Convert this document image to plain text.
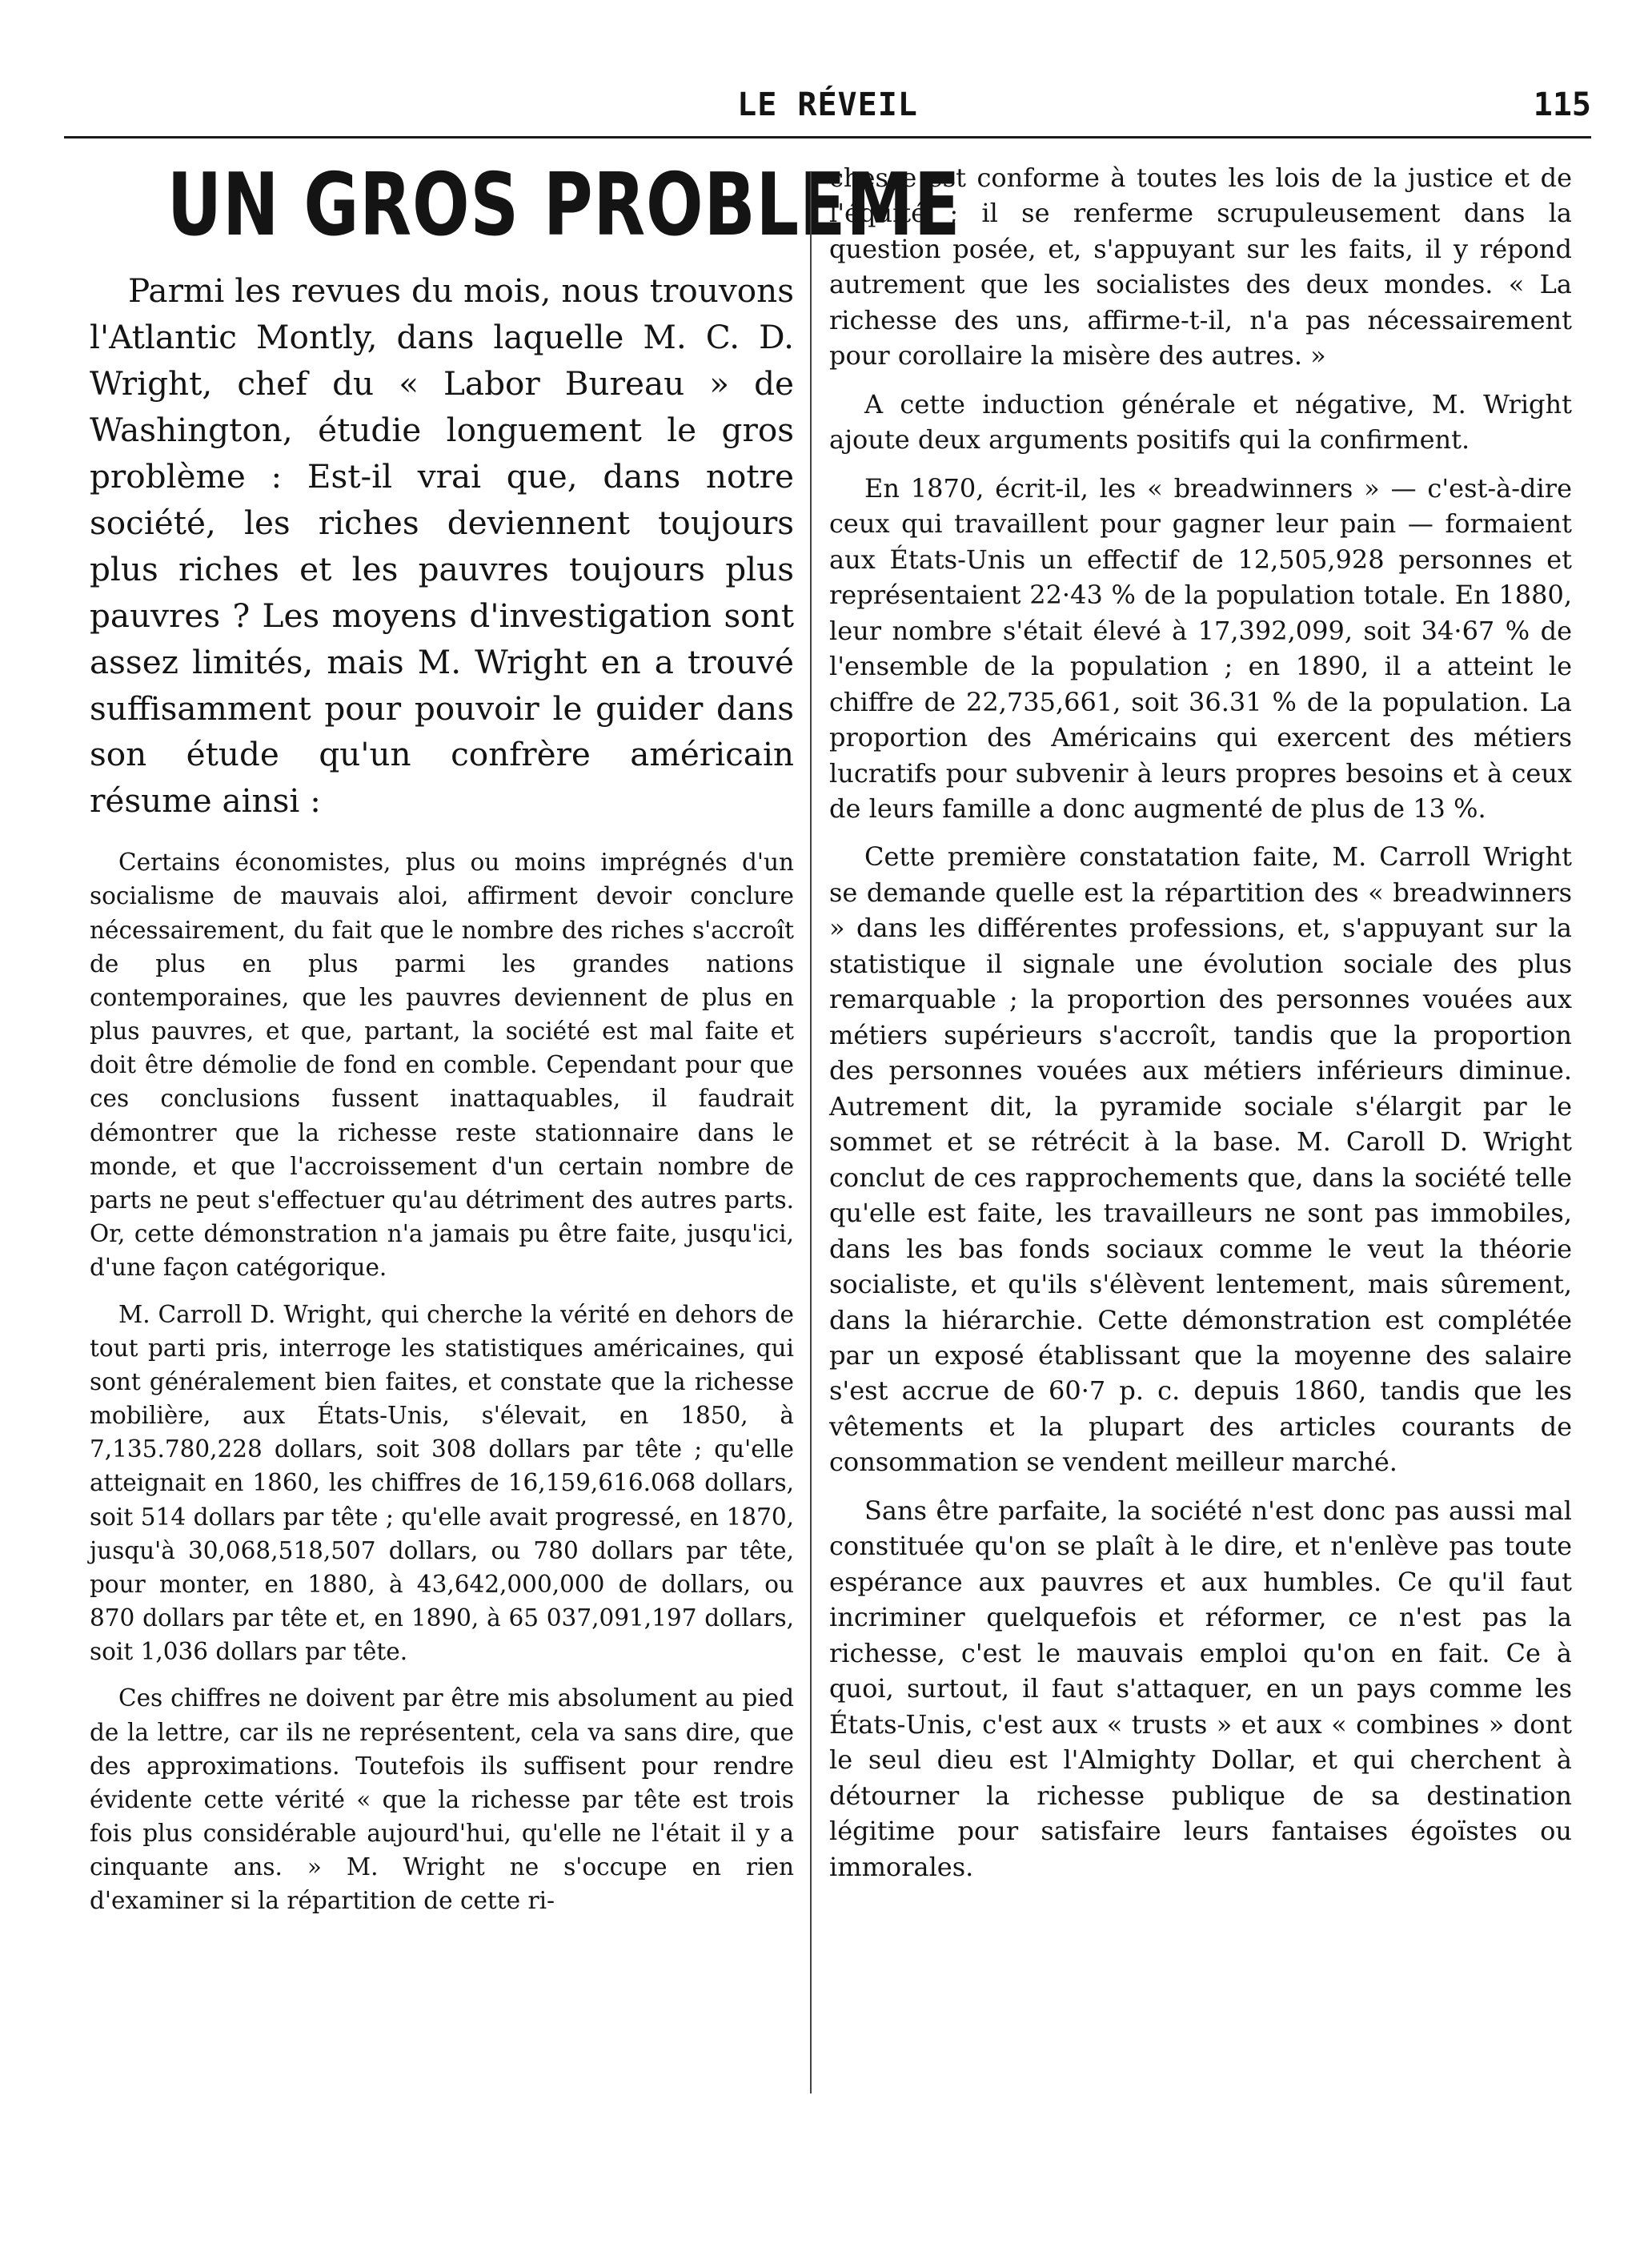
LE RÉVEIL	115
UN GROS PROBLEME

Parmi les revues du mois, nous trouvons l'Atlantic Montly, dans laquelle M. C. D. Wright, chef du « Labor Bureau » de Washington, étudie longuement le gros problème : Est-il vrai que, dans notre société, les riches deviennent toujours plus riches et les pauvres toujours plus pauvres ? Les moyens d'investigation sont assez limités, mais M. Wright en a trouvé suffisamment pour pouvoir le guider dans son étude qu'un confrère américain résume ainsi :

Certains économistes, plus ou moins imprégnés d'un socialisme de mauvais aloi, affirment devoir conclure nécessairement, du fait que le nombre des riches s'accroît de plus en plus parmi les grandes nations contemporaines, que les pauvres deviennent de plus en plus pauvres, et que, partant, la société est mal faite et doit être démolie de fond en comble. Cependant pour que ces conclusions fussent inattaquables, il faudrait démontrer que la richesse reste stationnaire dans le monde, et que l'accroissement d'un certain nombre de parts ne peut s'effectuer qu'au détriment des autres parts. Or, cette démonstration n'a jamais pu être faite, jusqu'ici, d'une façon catégorique.

M. Carroll D. Wright, qui cherche la vérité en dehors de tout parti pris, interroge les statistiques américaines, qui sont généralement bien faites, et constate que la richesse mobilière, aux États-Unis, s'élevait, en 1850, à 7,135.780,228 dollars, soit 308 dollars par tête ; qu'elle atteignait en 1860, les chiffres de 16,159,616.068 dollars, soit 514 dollars par tête ; qu'elle avait progressé, en 1870, jusqu'à 30,068,518,507 dollars, ou 780 dollars par tête, pour monter, en 1880, à 43,642,000,000 de dollars, ou 870 dollars par tête et, en 1890, à 65 037,091,197 dollars, soit 1,036 dollars par tête.

Ces chiffres ne doivent par être mis absolument au pied de la lettre, car ils ne représentent, cela va sans dire, que des approximations. Toutefois ils suffisent pour rendre évidente cette vérité « que la richesse par tête est trois fois plus considérable aujourd'hui, qu'elle ne l'était il y a cinquante ans. » M. Wright ne s'occupe en rien d'examiner si la répartition de cette ri-

chesse est conforme à toutes les lois de la justice et de l'équité ; il se renferme scrupuleusement dans la question posée, et, s'appuyant sur les faits, il y répond autrement que les socialistes des deux mondes. « La richesse des uns, affirme-t-il, n'a pas nécessairement pour corollaire la misère des autres. »

A cette induction générale et négative, M. Wright ajoute deux arguments positifs qui la confirment.

En 1870, écrit-il, les « breadwinners » — c'est-à-dire ceux qui travaillent pour gagner leur pain — formaient aux États-Unis un effectif de 12,505,928 personnes et représentaient 22·43 % de la population totale. En 1880, leur nombre s'était élevé à 17,392,099, soit 34·67 % de l'ensemble de la population ; en 1890, il a atteint le chiffre de 22,735,661, soit 36.31 % de la population. La proportion des Américains qui exercent des métiers lucratifs pour subvenir à leurs propres besoins et à ceux de leurs famille a donc augmenté de plus de 13 %.

Cette première constatation faite, M. Carroll Wright se demande quelle est la répartition des « breadwinners » dans les différentes professions, et, s'appuyant sur la statistique il signale une évolution sociale des plus remarquable ; la proportion des personnes vouées aux métiers supérieurs s'accroît, tandis que la proportion des personnes vouées aux métiers inférieurs diminue. Autrement dit, la pyramide sociale s'élargit par le sommet et se rétrécit à la base. M. Caroll D. Wright conclut de ces rapprochements que, dans la société telle qu'elle est faite, les travailleurs ne sont pas immobiles, dans les bas fonds sociaux comme le veut la théorie socialiste, et qu'ils s'élèvent lentement, mais sûrement, dans la hiérarchie. Cette démonstration est complétée par un exposé établissant que la moyenne des salaire s'est accrue de 60·7 p. c. depuis 1860, tandis que les vêtements et la plupart des articles courants de consommation se vendent meilleur marché.

Sans être parfaite, la société n'est donc pas aussi mal constituée qu'on se plaît à le dire, et n'enlève pas toute espérance aux pauvres et aux humbles. Ce qu'il faut incriminer quelquefois et réformer, ce n'est pas la richesse, c'est le mauvais emploi qu'on en fait. Ce à quoi, surtout, il faut s'attaquer, en un pays comme les États-Unis, c'est aux « trusts » et aux « combines » dont le seul dieu est l'Almighty Dollar, et qui cherchent à détourner la richesse publique de sa destination légitime pour satisfaire leurs fantaises égoïstes ou immorales.
